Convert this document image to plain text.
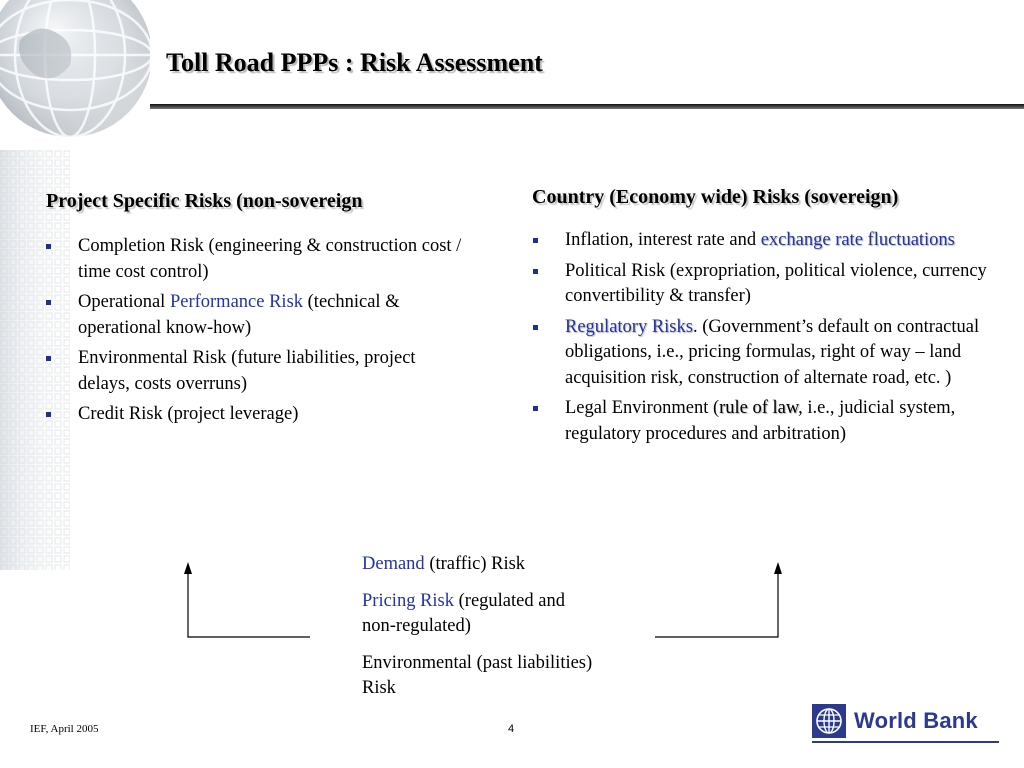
Toll Road PPPs : Risk Assessment
Project Specific Risks (non-sovereign	Country (Economy wide) Risks (sovereign)
Completion Risk (engineering & construction cost / time cost control)
Operational Performance Risk (technical & operational know-how)
Environmental Risk (future liabilities, project delays, costs overruns)
Credit Risk (project leverage)
Inflation, interest rate and exchange rate fluctuations
Political Risk (expropriation, political violence, currency convertibility & transfer)
Regulatory Risks. (Government’s default on contractual obligations, i.e., pricing formulas, right of way – land acquisition risk, construction of alternate road, etc. )
Legal Environment (rule of law, i.e., judicial system, regulatory procedures and arbitration)

Demand (traffic) Risk

Pricing Risk (regulated and non-regulated)

Environmental (past liabilities) Risk

IEF, April 2005	4	World Bank
